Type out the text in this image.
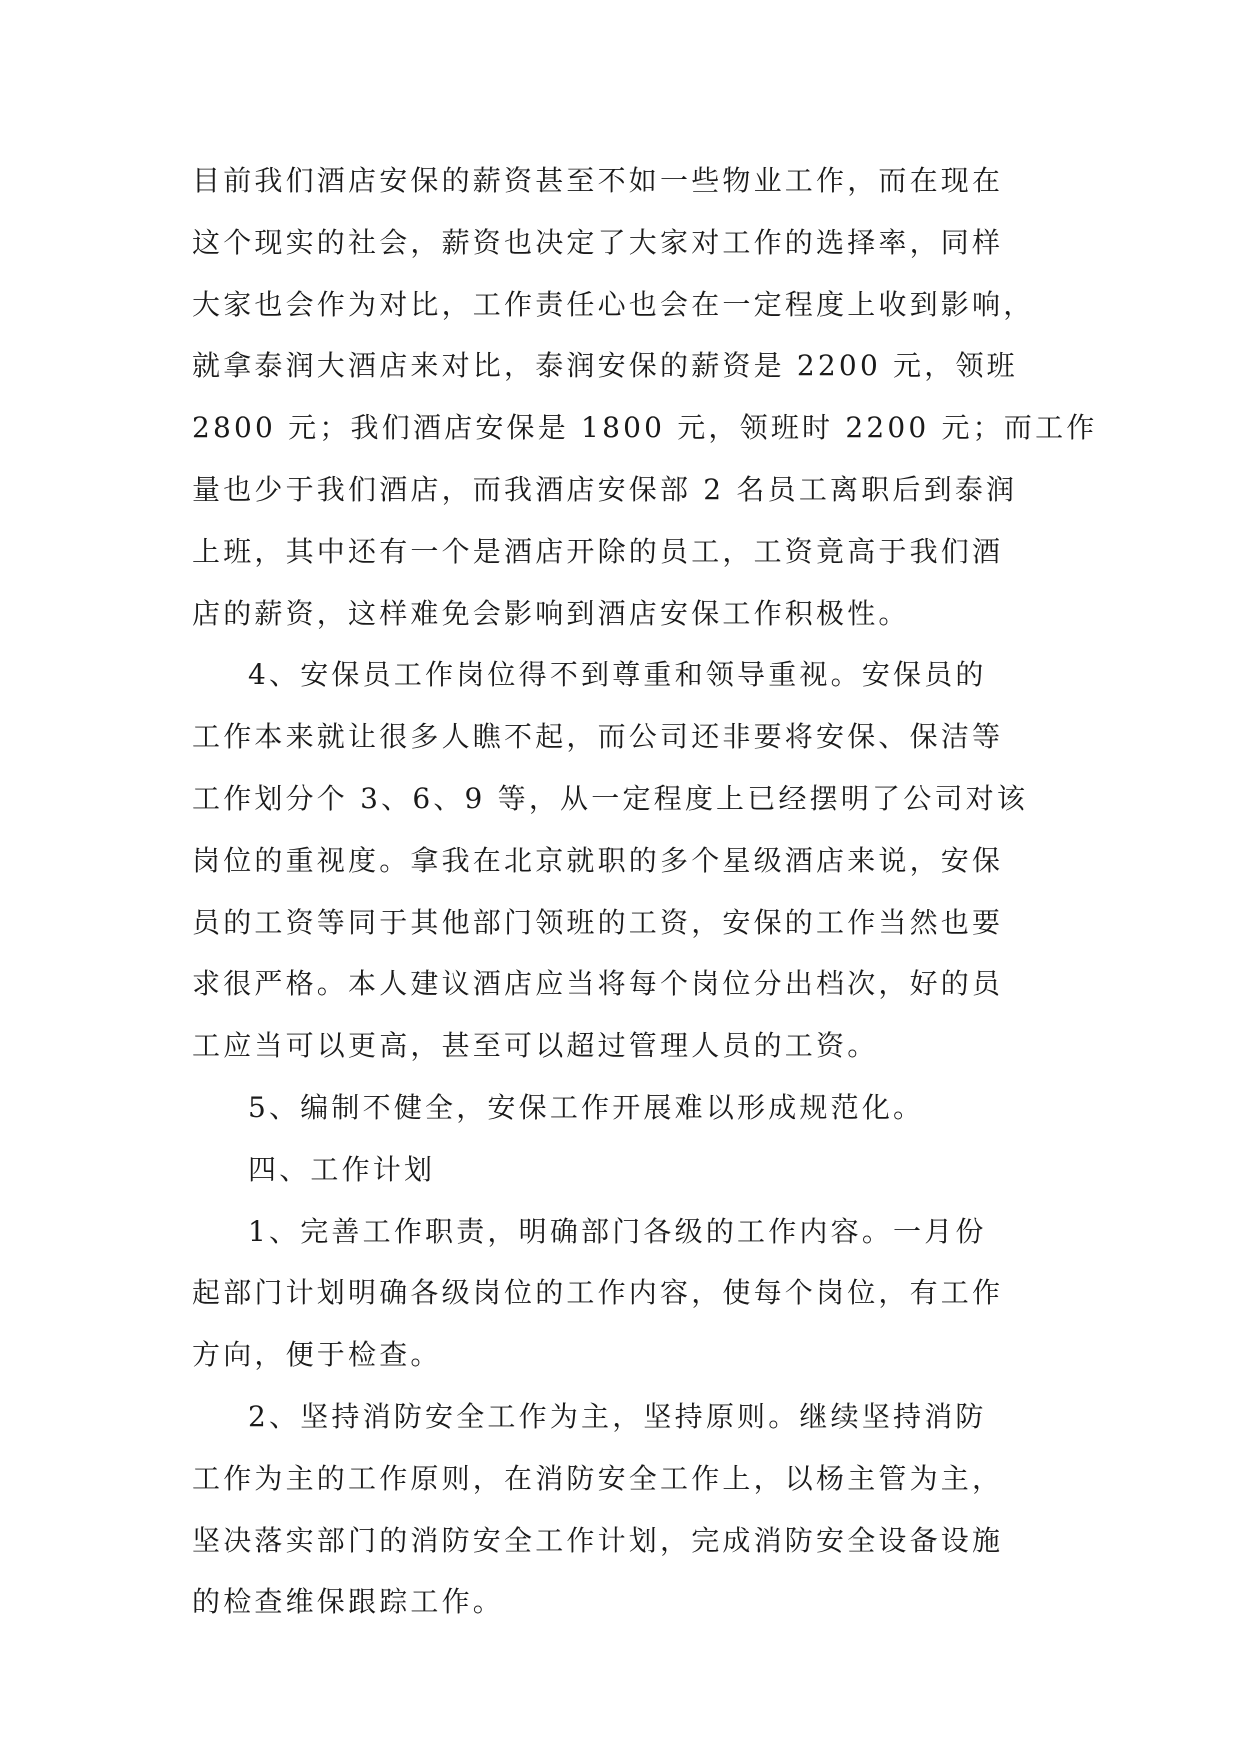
目前我们酒店安保的薪资甚至不如一些物业工作，而在现在
这个现实的社会，薪资也决定了大家对工作的选择率，同样
大家也会作为对比，工作责任心也会在一定程度上收到影响，
就拿泰润大酒店来对比，泰润安保的薪资是 2200 元，领班
2800 元；我们酒店安保是 1800 元，领班时 2200 元；而工作
量也少于我们酒店，而我酒店安保部 2 名员工离职后到泰润
上班，其中还有一个是酒店开除的员工，工资竟高于我们酒
店的薪资，这样难免会影响到酒店安保工作积极性。
4、安保员工作岗位得不到尊重和领导重视。安保员的
工作本来就让很多人瞧不起，而公司还非要将安保、保洁等
工作划分个 3、6、9 等，从一定程度上已经摆明了公司对该
岗位的重视度。拿我在北京就职的多个星级酒店来说，安保
员的工资等同于其他部门领班的工资，安保的工作当然也要
求很严格。本人建议酒店应当将每个岗位分出档次，好的员
工应当可以更高，甚至可以超过管理人员的工资。
5、编制不健全，安保工作开展难以形成规范化。
四、工作计划
1、完善工作职责，明确部门各级的工作内容。一月份
起部门计划明确各级岗位的工作内容，使每个岗位，有工作
方向，便于检查。
2、坚持消防安全工作为主，坚持原则。继续坚持消防
工作为主的工作原则，在消防安全工作上，以杨主管为主，
坚决落实部门的消防安全工作计划，完成消防安全设备设施
的检查维保跟踪工作。
